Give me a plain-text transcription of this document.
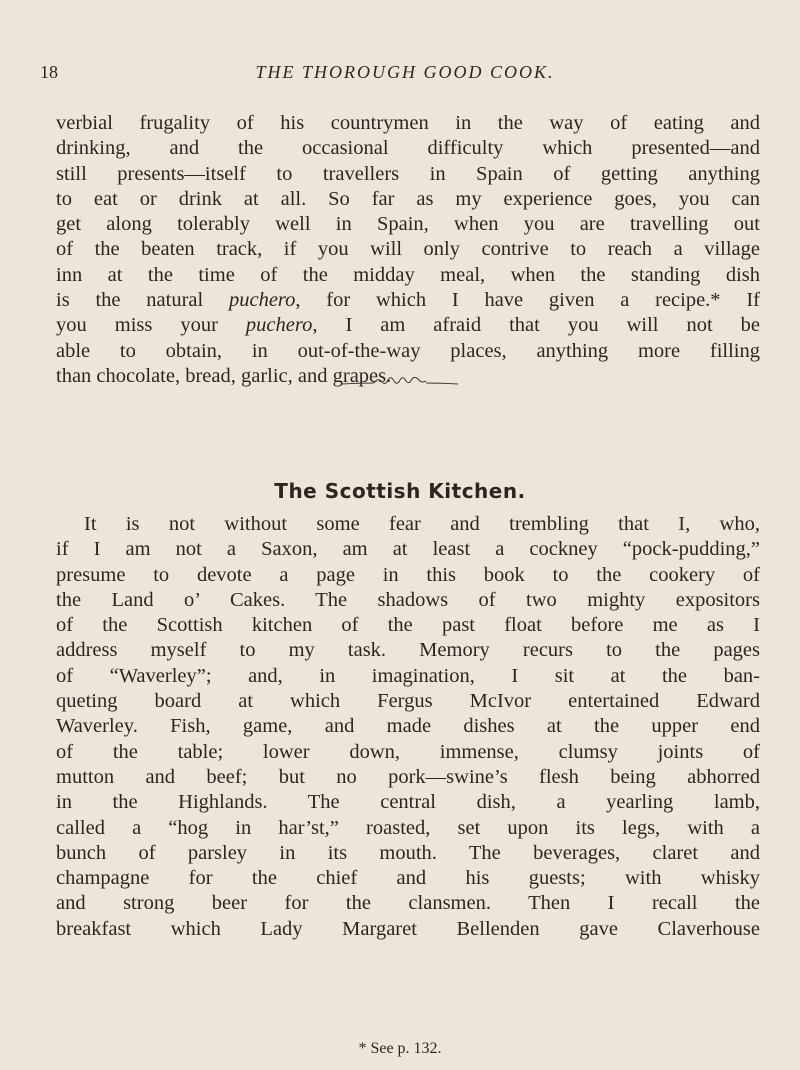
18	THE THOROUGH GOOD COOK.
verbial frugality of his countrymen in the way of eating and
drinking, and the occasional difficulty which presented—and
still presents—itself to travellers in Spain of getting anything
to eat or drink at all. So far as my experience goes, you can
get along tolerably well in Spain, when you are travelling out
of the beaten track, if you will only contrive to reach a village
inn at the time of the midday meal, when the standing dish
is the natural puchero, for which I have given a recipe.* If
you miss your puchero, I am afraid that you will not be
able to obtain, in out-of-the-way places, anything more filling
than chocolate, bread, garlic, and grapes.
The Scottish Kitchen.
It is not without some fear and trembling that I, who,
if I am not a Saxon, am at least a cockney “pock-pudding,”
presume to devote a page in this book to the cookery of
the Land o’ Cakes. The shadows of two mighty expositors
of the Scottish kitchen of the past float before me as I
address myself to my task. Memory recurs to the pages
of “Waverley”; and, in imagination, I sit at the ban-
queting board at which Fergus McIvor entertained Edward
Waverley. Fish, game, and made dishes at the upper end
of the table; lower down, immense, clumsy joints of
mutton and beef; but no pork—swine’s flesh being abhorred
in the Highlands. The central dish, a yearling lamb,
called a “hog in har’st,” roasted, set upon its legs, with a
bunch of parsley in its mouth. The beverages, claret and
champagne for the chief and his guests; with whisky
and strong beer for the clansmen. Then I recall the
breakfast which Lady Margaret Bellenden gave Claverhouse
* See p. 132.
